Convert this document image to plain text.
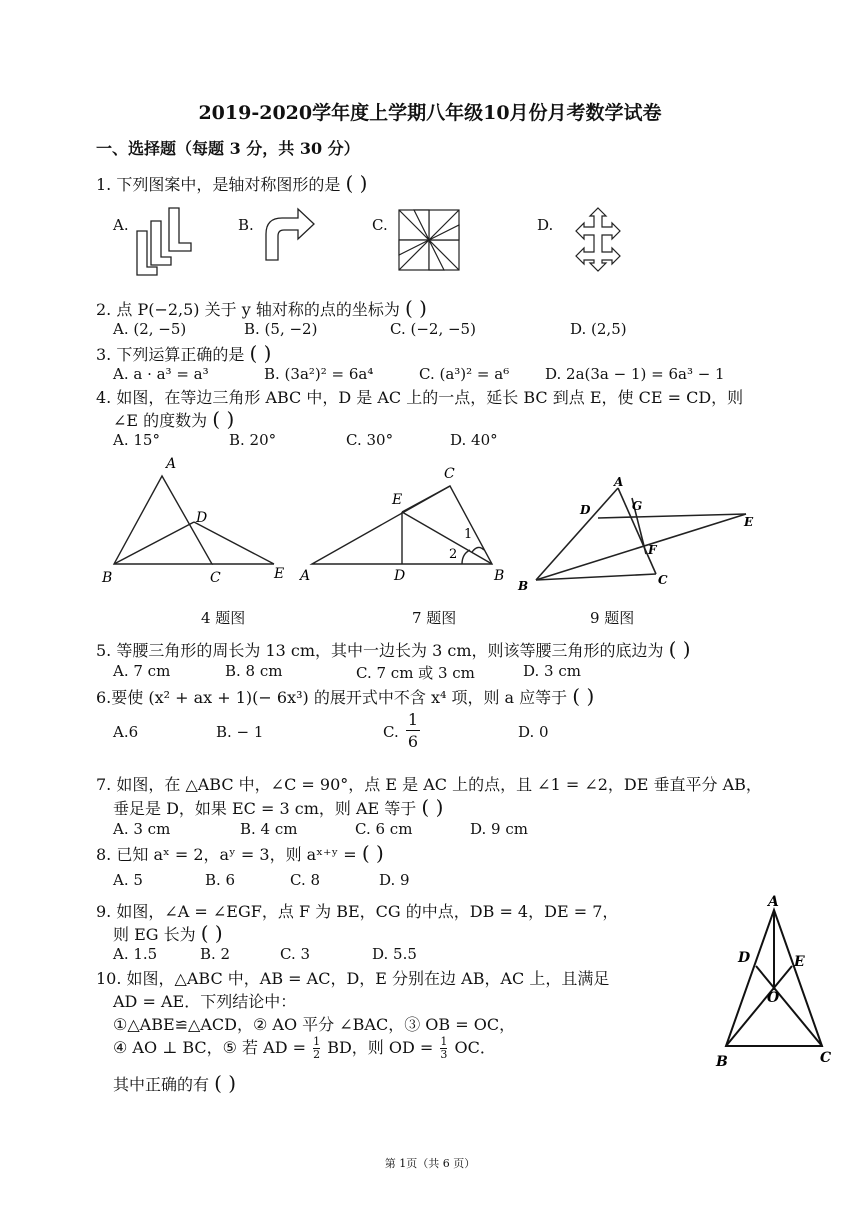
2019-2020学年度上学期八年级10月份月考数学试卷
一、选择题（每题 3 分，共 30 分）
1. 下列图案中，是轴对称图形的是 ( )
A.	B.	C.	D.
2. 点 P(−2,5) 关于 y 轴对称的点的坐标为 ( )
A. (2, −5)	B. (5, −2)	C. (−2, −5)	D. (2,5)
3. 下列运算正确的是 ( )
A. a · a³ = a³	B. (3a²)² = 6a⁴	C. (a³)² = a⁶ D. 2a(3a − 1) = 6a³ − 1
4. 如图，在等边三角形 ABC 中，D 是 AC 上的一点，延长 BC 到点 E，使 CE = CD，则
∠E 的度数为 ( )
A. 15°	B. 20°	C. 30°	D. 40°
A
B	C
D
E
C
E
A	D	B
1
2
A
B	C
D
E
F
G
4 题图	7 题图	9 题图
5. 等腰三角形的周长为 13 cm，其中一边长为 3 cm，则该等腰三角形的底边为 ( )
A. 7 cm	B. 8 cm	C. 7 cm 或 3 cm	D. 3 cm
6.要使 (x² + ax + 1)(− 6x³) 的展开式中不含 x⁴ 项，则 a 应等于 ( )
A.6	B. − 1	C. $\frac{1}{6}$	D. 0
7. 如图，在 △ABC 中，∠C = 90°，点 E 是 AC 上的点，且 ∠1 = ∠2，DE 垂直平分 AB，
垂足是 D，如果 EC = 3 cm，则 AE 等于 ( )
A. 3 cm	B. 4 cm	C. 6 cm	D. 9 cm
8. 已知 aˣ = 2，aʸ = 3，则 aˣ⁺ʸ = ( )
A. 5	B. 6	C. 8	D. 9
9. 如图，∠A = ∠EGF，点 F 为 BE，CG 的中点，DB = 4，DE = 7，
则 EG 长为 ( )
A. 1.5	B. 2	C. 3	D. 5.5
10. 如图，△ABC 中，AB = AC，D，E 分别在边 AB，AC 上，且满足
AD = AE．下列结论中：
①△ABE≌△ACD，② AO 平分 ∠BAC，③ OB = OC，
④ AO ⊥ BC，⑤ 若 AD = $\frac{1}{2}$ BD，则 OD = $\frac{1}{3}$ OC．
其中正确的有 ( )
A
B	C
D	E
O
第 1页（共 6 页）
